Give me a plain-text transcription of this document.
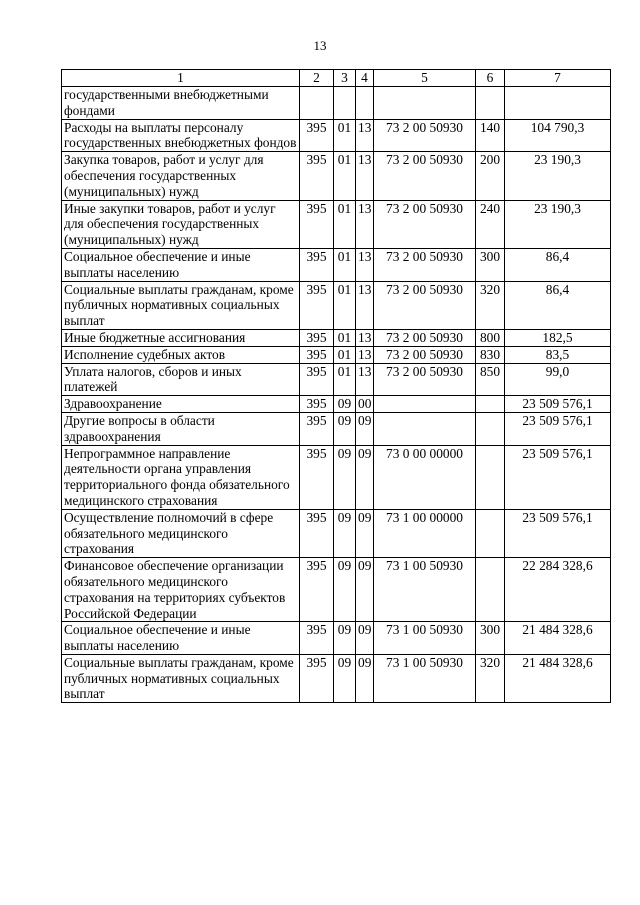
13
1	2	3	4	5	6	7
государственными внебюджетными фондами						
Расходы на выплаты персоналу государственных внебюджетных фондов	395	01	13	73 2 00 50930	140	104 790,3
Закупка товаров, работ и услуг для обеспечения государственных (муниципальных) нужд	395	01	13	73 2 00 50930	200	23 190,3
Иные закупки товаров, работ и услуг для обеспечения государственных (муниципальных) нужд	395	01	13	73 2 00 50930	240	23 190,3
Социальное обеспечение и иные выплаты населению	395	01	13	73 2 00 50930	300	86,4
Социальные выплаты гражданам, кроме публичных нормативных социальных выплат	395	01	13	73 2 00 50930	320	86,4
Иные бюджетные ассигнования	395	01	13	73 2 00 50930	800	182,5
Исполнение судебных актов	395	01	13	73 2 00 50930	830	83,5
Уплата налогов, сборов и иных платежей	395	01	13	73 2 00 50930	850	99,0
Здравоохранение	395	09	00			23 509 576,1
Другие вопросы в области здравоохранения	395	09	09			23 509 576,1
Непрограммное направление деятельности органа управления территориального фонда обязательного медицинского страхования	395	09	09	73 0 00 00000		23 509 576,1
Осуществление полномочий в сфере обязательного медицинского страхования	395	09	09	73 1 00 00000		23 509 576,1
Финансовое обеспечение организации обязательного медицинского страхования на территориях субъектов Российской Федерации	395	09	09	73 1 00 50930		22 284 328,6
Социальное обеспечение и иные выплаты населению	395	09	09	73 1 00 50930	300	21 484 328,6
Социальные выплаты гражданам, кроме публичных нормативных социальных выплат	395	09	09	73 1 00 50930	320	21 484 328,6
